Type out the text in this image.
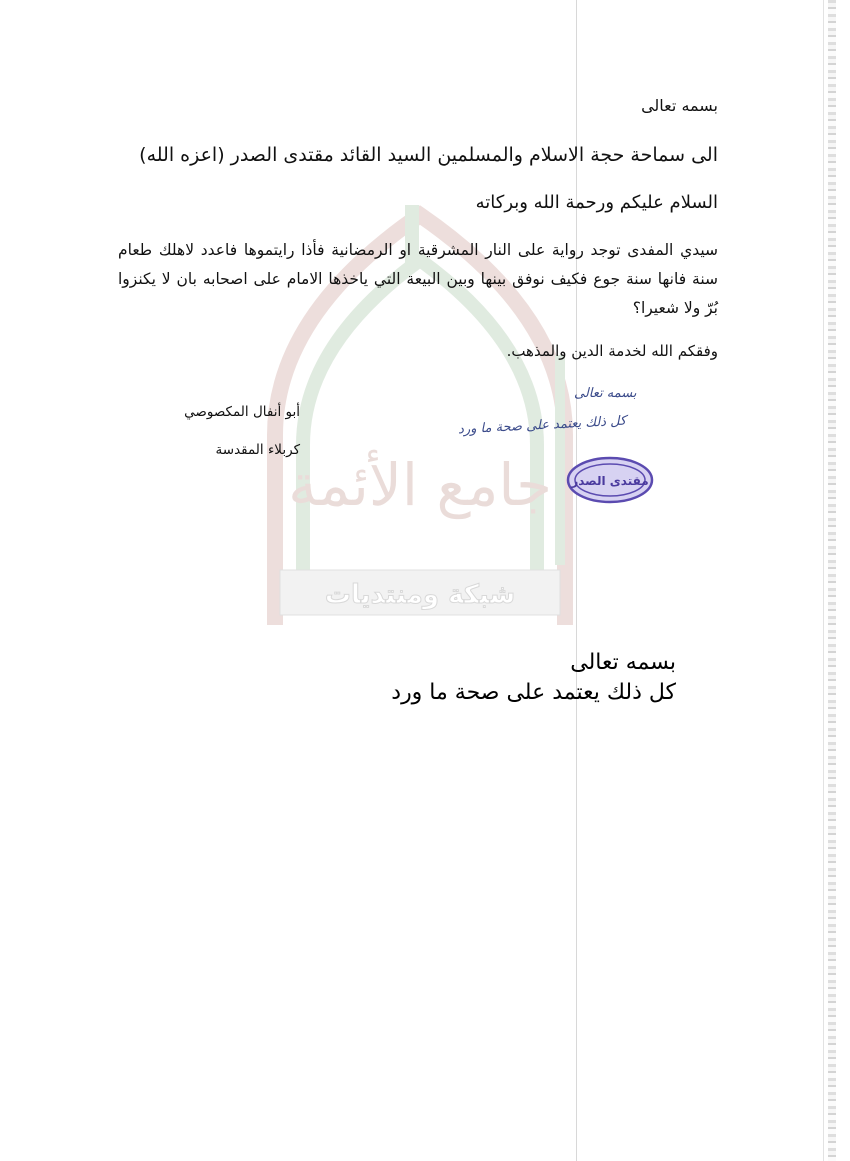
جامع الأئمة
شبكة ومنتديات
بسمه تعالى
الى سماحة حجة الاسلام والمسلمين السيد القائد مقتدى الصدر (اعزه الله)
السلام عليكم ورحمة الله وبركاته
سيدي المفدى توجد رواية على النار المشرقية او الرمضانية فأذا رايتموها فاعدد لاهلك طعام سنة فانها سنة جوع فكيف نوفق بينها وبين البيعة التي ياخذها الامام على اصحابه بان لا يكنزوا بُرّ ولا شعيرا؟
وفقكم الله لخدمة الدين والمذهب.
أبو أنفال المكصوصي
كربلاء المقدسة
بسمه تعالى
كل ذلك يعتمد على صحة ما ورد
مقتدى الصدر
بسمه تعالى
كل ذلك يعتمد على صحة ما ورد
